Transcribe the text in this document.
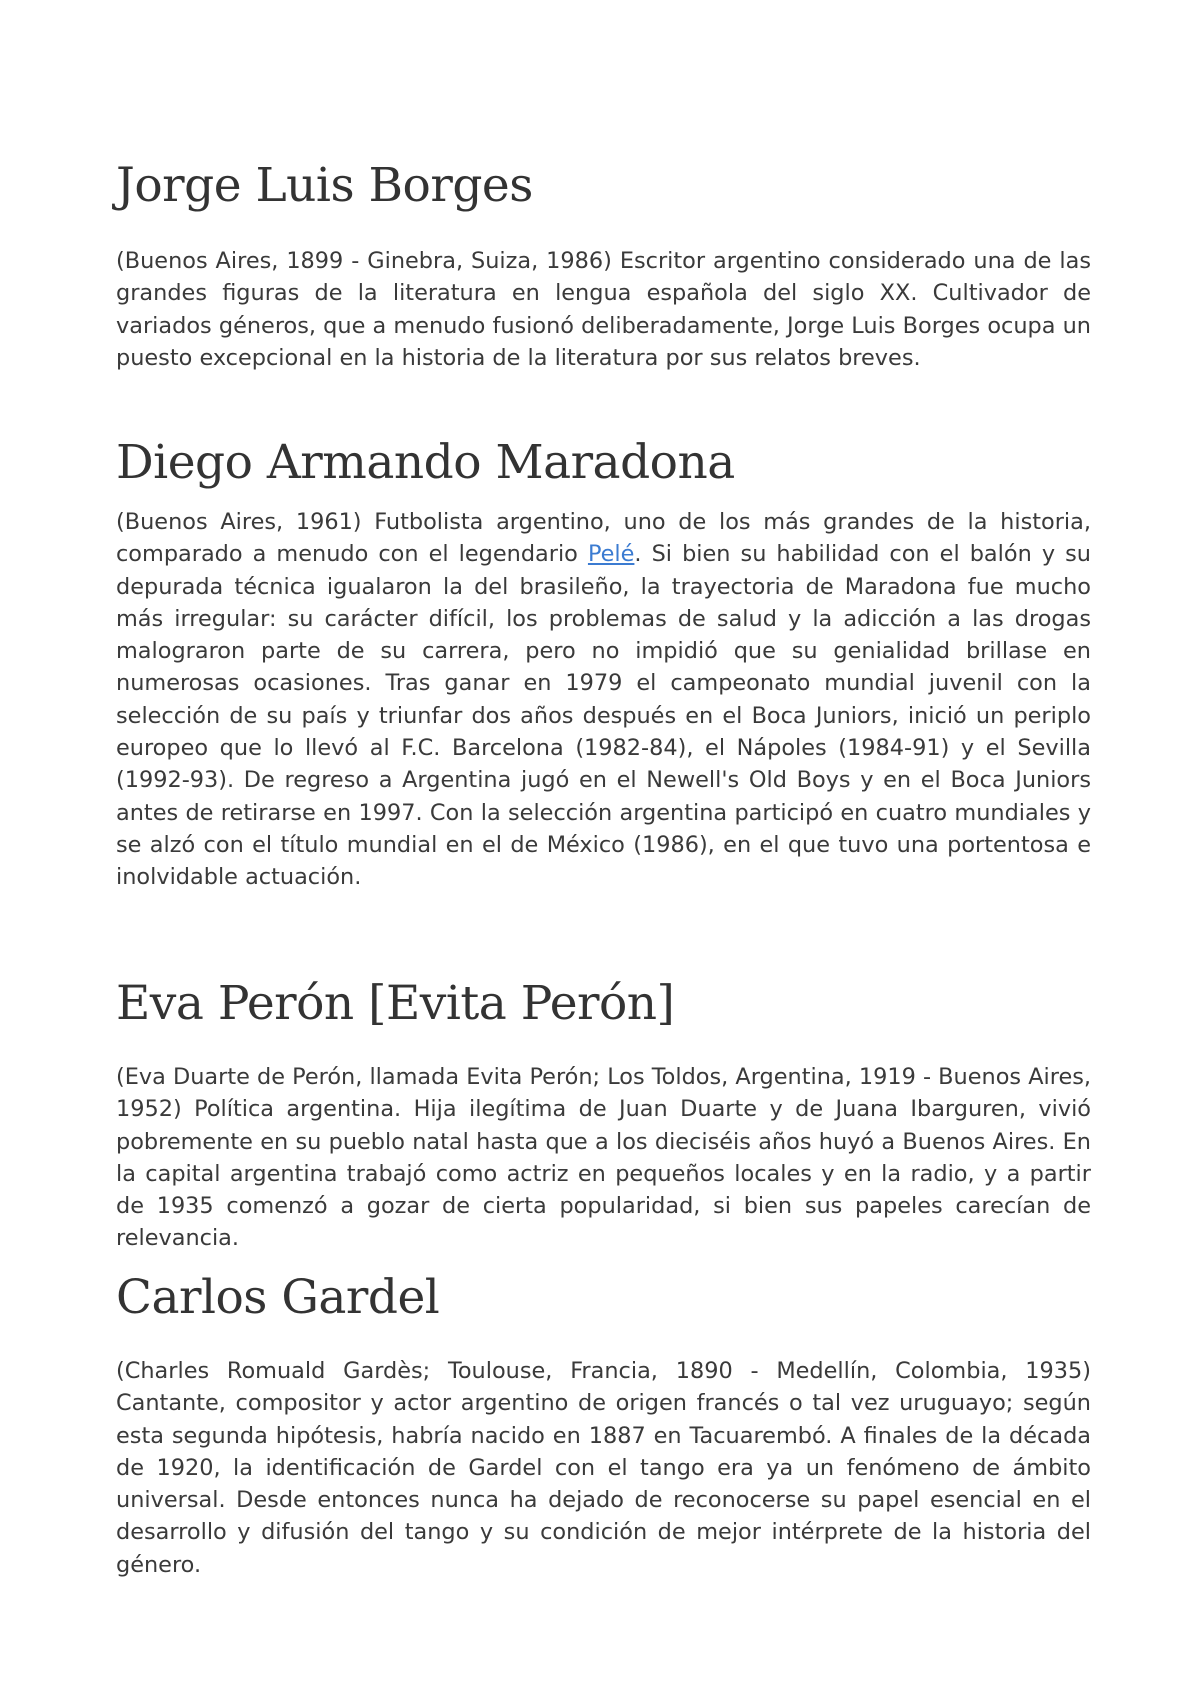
Jorge Luis Borges

(Buenos Aires, 1899 - Ginebra, Suiza, 1986) Escritor argentino considerado una de las grandes figuras de la literatura en lengua española del siglo XX. Cultivador de variados géneros, que a menudo fusionó deliberadamente, Jorge Luis Borges ocupa un puesto excepcional en la historia de la literatura por sus relatos breves.

Diego Armando Maradona

(Buenos Aires, 1961) Futbolista argentino, uno de los más grandes de la historia, comparado a menudo con el legendario Pelé. Si bien su habilidad con el balón y su depurada técnica igualaron la del brasileño, la trayectoria de Maradona fue mucho más irregular: su carácter difícil, los problemas de salud y la adicción a las drogas malograron parte de su carrera, pero no impidió que su genialidad brillase en numerosas ocasiones. Tras ganar en 1979 el campeonato mundial juvenil con la selección de su país y triunfar dos años después en el Boca Juniors, inició un periplo europeo que lo llevó al F.C. Barcelona (1982-84), el Nápoles (1984-91) y el Sevilla (1992-93). De regreso a Argentina jugó en el Newell's Old Boys y en el Boca Juniors antes de retirarse en 1997. Con la selección argentina participó en cuatro mundiales y se alzó con el título mundial en el de México (1986), en el que tuvo una portentosa e inolvidable actuación.

Eva Perón [Evita Perón]

(Eva Duarte de Perón, llamada Evita Perón; Los Toldos, Argentina, 1919 - Buenos Aires, 1952) Política argentina. Hija ilegítima de Juan Duarte y de Juana Ibarguren, vivió pobremente en su pueblo natal hasta que a los dieciséis años huyó a Buenos Aires. En la capital argentina trabajó como actriz en pequeños locales y en la radio, y a partir de 1935 comenzó a gozar de cierta popularidad, si bien sus papeles carecían de relevancia.

Carlos Gardel

(Charles Romuald Gardès; Toulouse, Francia, 1890 - Medellín, Colombia, 1935) Cantante, compositor y actor argentino de origen francés o tal vez uruguayo; según esta segunda hipótesis, habría nacido en 1887 en Tacuarembó. A finales de la década de 1920, la identificación de Gardel con el tango era ya un fenómeno de ámbito universal. Desde entonces nunca ha dejado de reconocerse su papel esencial en el desarrollo y difusión del tango y su condición de mejor intérprete de la historia del género.
